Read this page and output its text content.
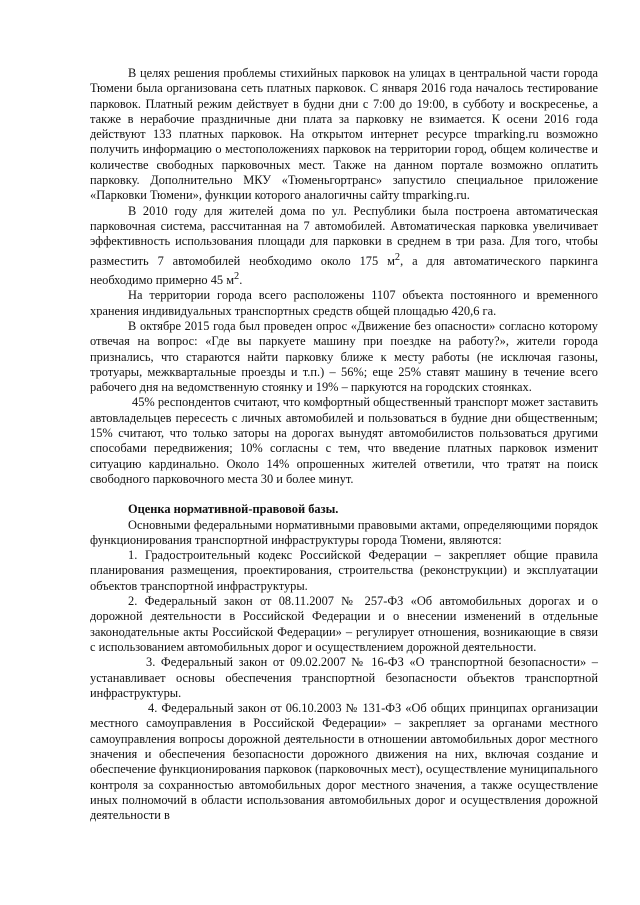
В целях решения проблемы стихийных парковок на улицах в центральной части города Тюмени была организована сеть платных парковок. С января 2016 года началось тестирование парковок. Платный режим действует в будни дни с 7:00 до 19:00, в субботу и воскресенье, а также в нерабочие праздничные дни плата за парковку не взимается. К осени 2016 года действуют 133 платных парковок. На открытом интернет ресурсе tmparking.ru возможно получить информацию о местоположениях парковок на территории город, общем количестве и количестве свободных парковочных мест. Также на данном портале возможно оплатить парковку. Дополнительно МКУ «Тюменьгортранс» запустило специальное приложение «Парковки Тюмени», функции которого аналогичны сайту tmparking.ru.

В 2010 году для жителей дома по ул. Республики была построена автоматическая парковочная система, рассчитанная на 7 автомобилей. Автоматическая парковка увеличивает эффективность использования площади для парковки в среднем в три раза. Для того, чтобы разместить 7 автомобилей необходимо около 175 $м^2$, а для автоматического паркинга необходимо примерно 45 $м^2$.

На территории города всего расположены 1107 объекта постоянного и временного хранения индивидуальных транспортных средств общей площадью 420,6 га.

В октябре 2015 года был проведен опрос «Движение без опасности» согласно которому отвечая на вопрос: «Где вы паркуете машину при поездке на работу?», жители города признались, что стараются найти парковку ближе к месту работы (не исключая газоны, тротуары, межквартальные проезды и т.п.) – 56%; еще 25% ставят машину в течение всего рабочего дня на ведомственную стоянку и 19% – паркуются на городских стоянках.

45% респондентов считают, что комфортный общественный транспорт может заставить автовладельцев пересесть с личных автомобилей и пользоваться в будние дни общественным; 15% считают, что только заторы на дорогах вынудят автомобилистов пользоваться другими способами передвижения; 10% согласны с тем, что введение платных парковок изменит ситуацию кардинально. Около 14% опрошенных жителей ответили, что тратят на поиск свободного парковочного места 30 и более минут.

Оценка нормативной-правовой базы.

Основными федеральными нормативными правовыми актами, определяющими порядок функционирования транспортной инфраструктуры города Тюмени, являются:

1. Градостроительный кодекс Российской Федерации – закрепляет общие правила планирования размещения, проектирования, строительства (реконструкции) и эксплуатации объектов транспортной инфраструктуры.

2. Федеральный закон от 08.11.2007 № 257-ФЗ «Об автомобильных дорогах и о дорожной деятельности в Российской Федерации и о внесении изменений в отдельные законодательные акты Российской Федерации» – регулирует отношения, возникающие в связи с использованием автомобильных дорог и осуществлением дорожной деятельности.

3. Федеральный закон от 09.02.2007 № 16-ФЗ «О транспортной безопасности» – устанавливает основы обеспечения транспортной безопасности объектов транспортной инфраструктуры.

4. Федеральный закон от 06.10.2003 № 131-ФЗ «Об общих принципах организации местного самоуправления в Российской Федерации» – закрепляет за органами местного самоуправления вопросы дорожной деятельности в отношении автомобильных дорог местного значения и обеспечения безопасности дорожного движения на них, включая создание и обеспечение функционирования парковок (парковочных мест), осуществление муниципального контроля за сохранностью автомобильных дорог местного значения, а также осуществление иных полномочий в области использования автомобильных дорог и осуществления дорожной деятельности в
